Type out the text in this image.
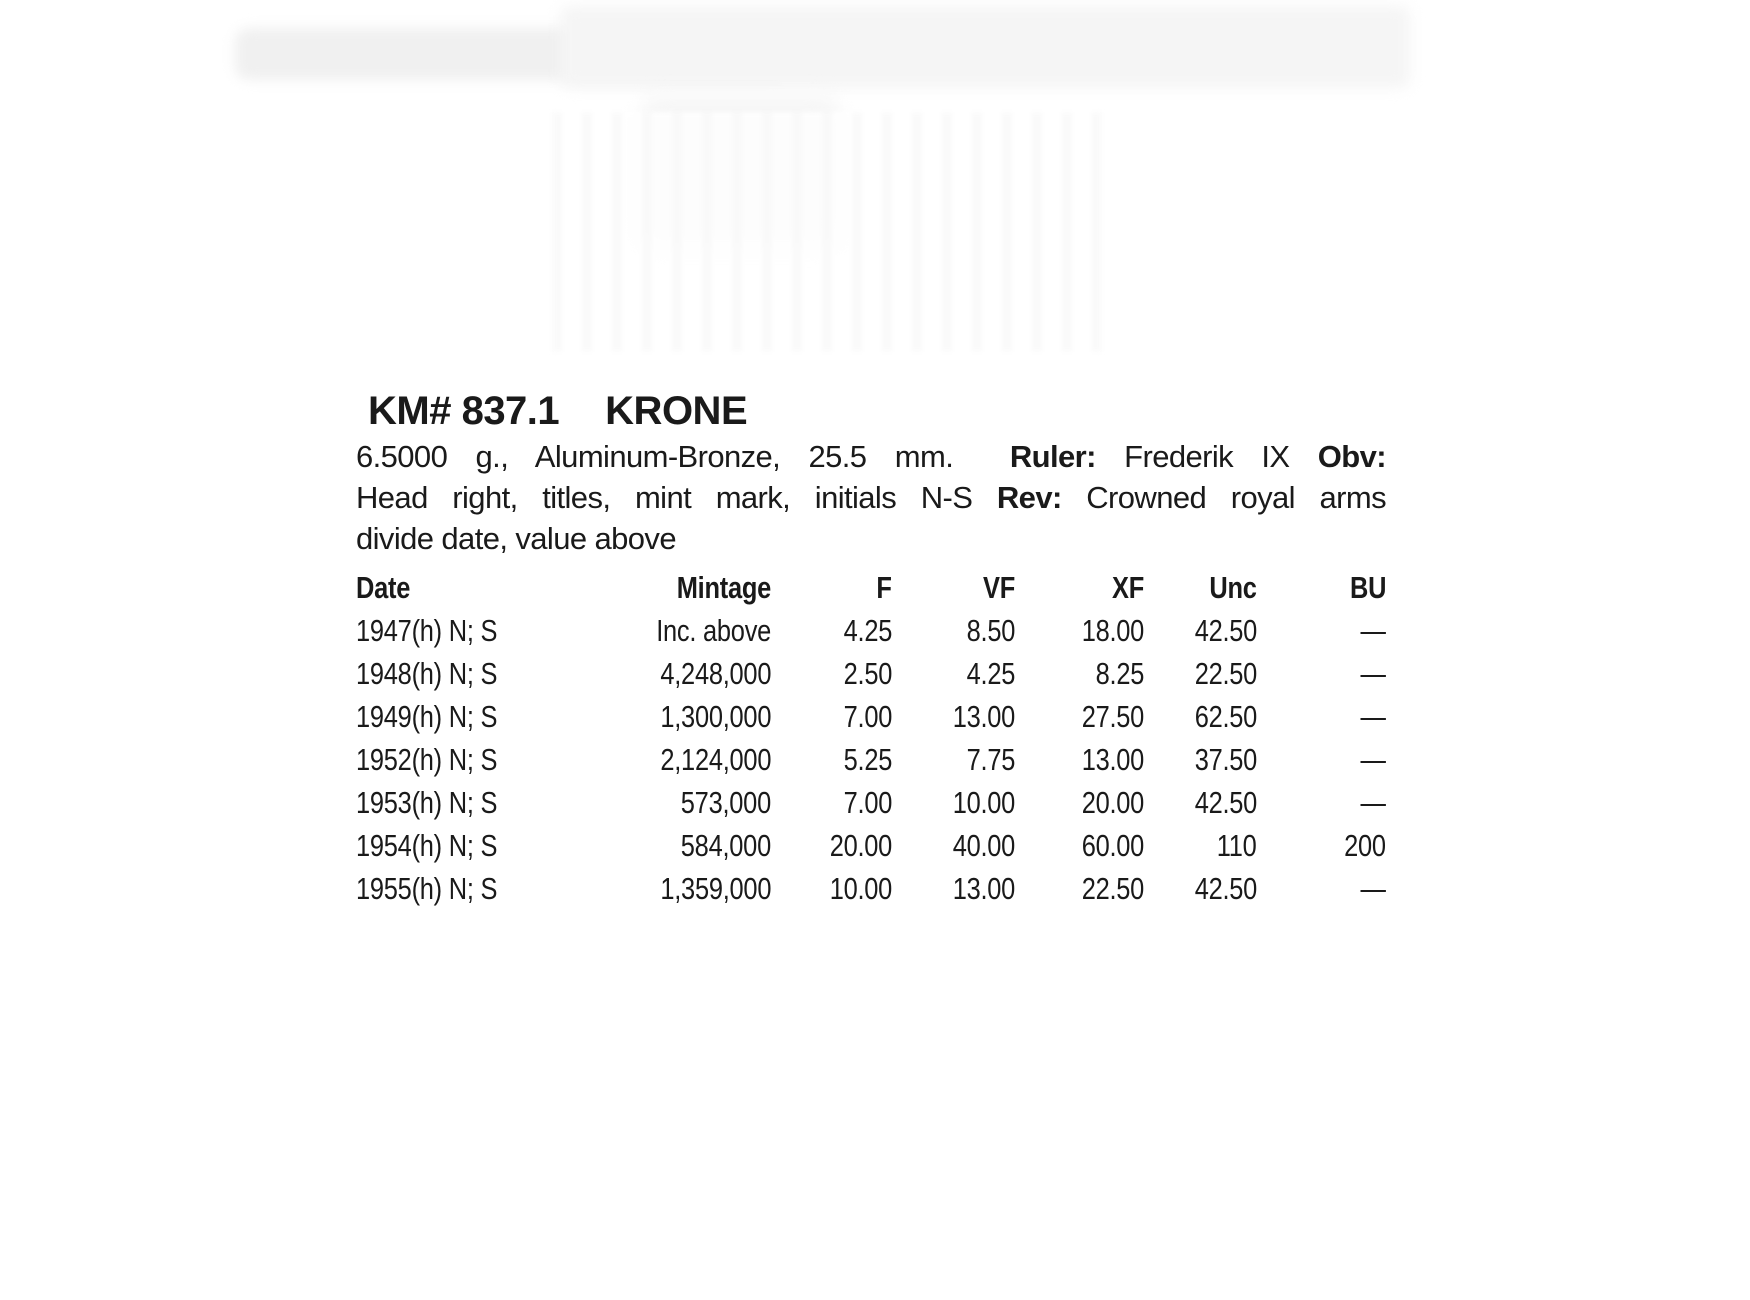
KM# 837.1 KRONE
6.5000 g., Aluminum-Bronze, 25.5 mm.  Ruler: Frederik IX Obv:
Head right, titles, mint mark, initials N-S Rev: Crowned royal arms
divide date, value above
Date	Mintage	F	VF	XF	Unc	BU
1947(h) N; S	Inc. above	4.25	8.50	18.00	42.50	—
1948(h) N; S	4,248,000	2.50	4.25	8.25	22.50	—
1949(h) N; S	1,300,000	7.00	13.00	27.50	62.50	—
1952(h) N; S	2,124,000	5.25	7.75	13.00	37.50	—
1953(h) N; S	573,000	7.00	10.00	20.00	42.50	—
1954(h) N; S	584,000	20.00	40.00	60.00	110	200
1955(h) N; S	1,359,000	10.00	13.00	22.50	42.50	—
